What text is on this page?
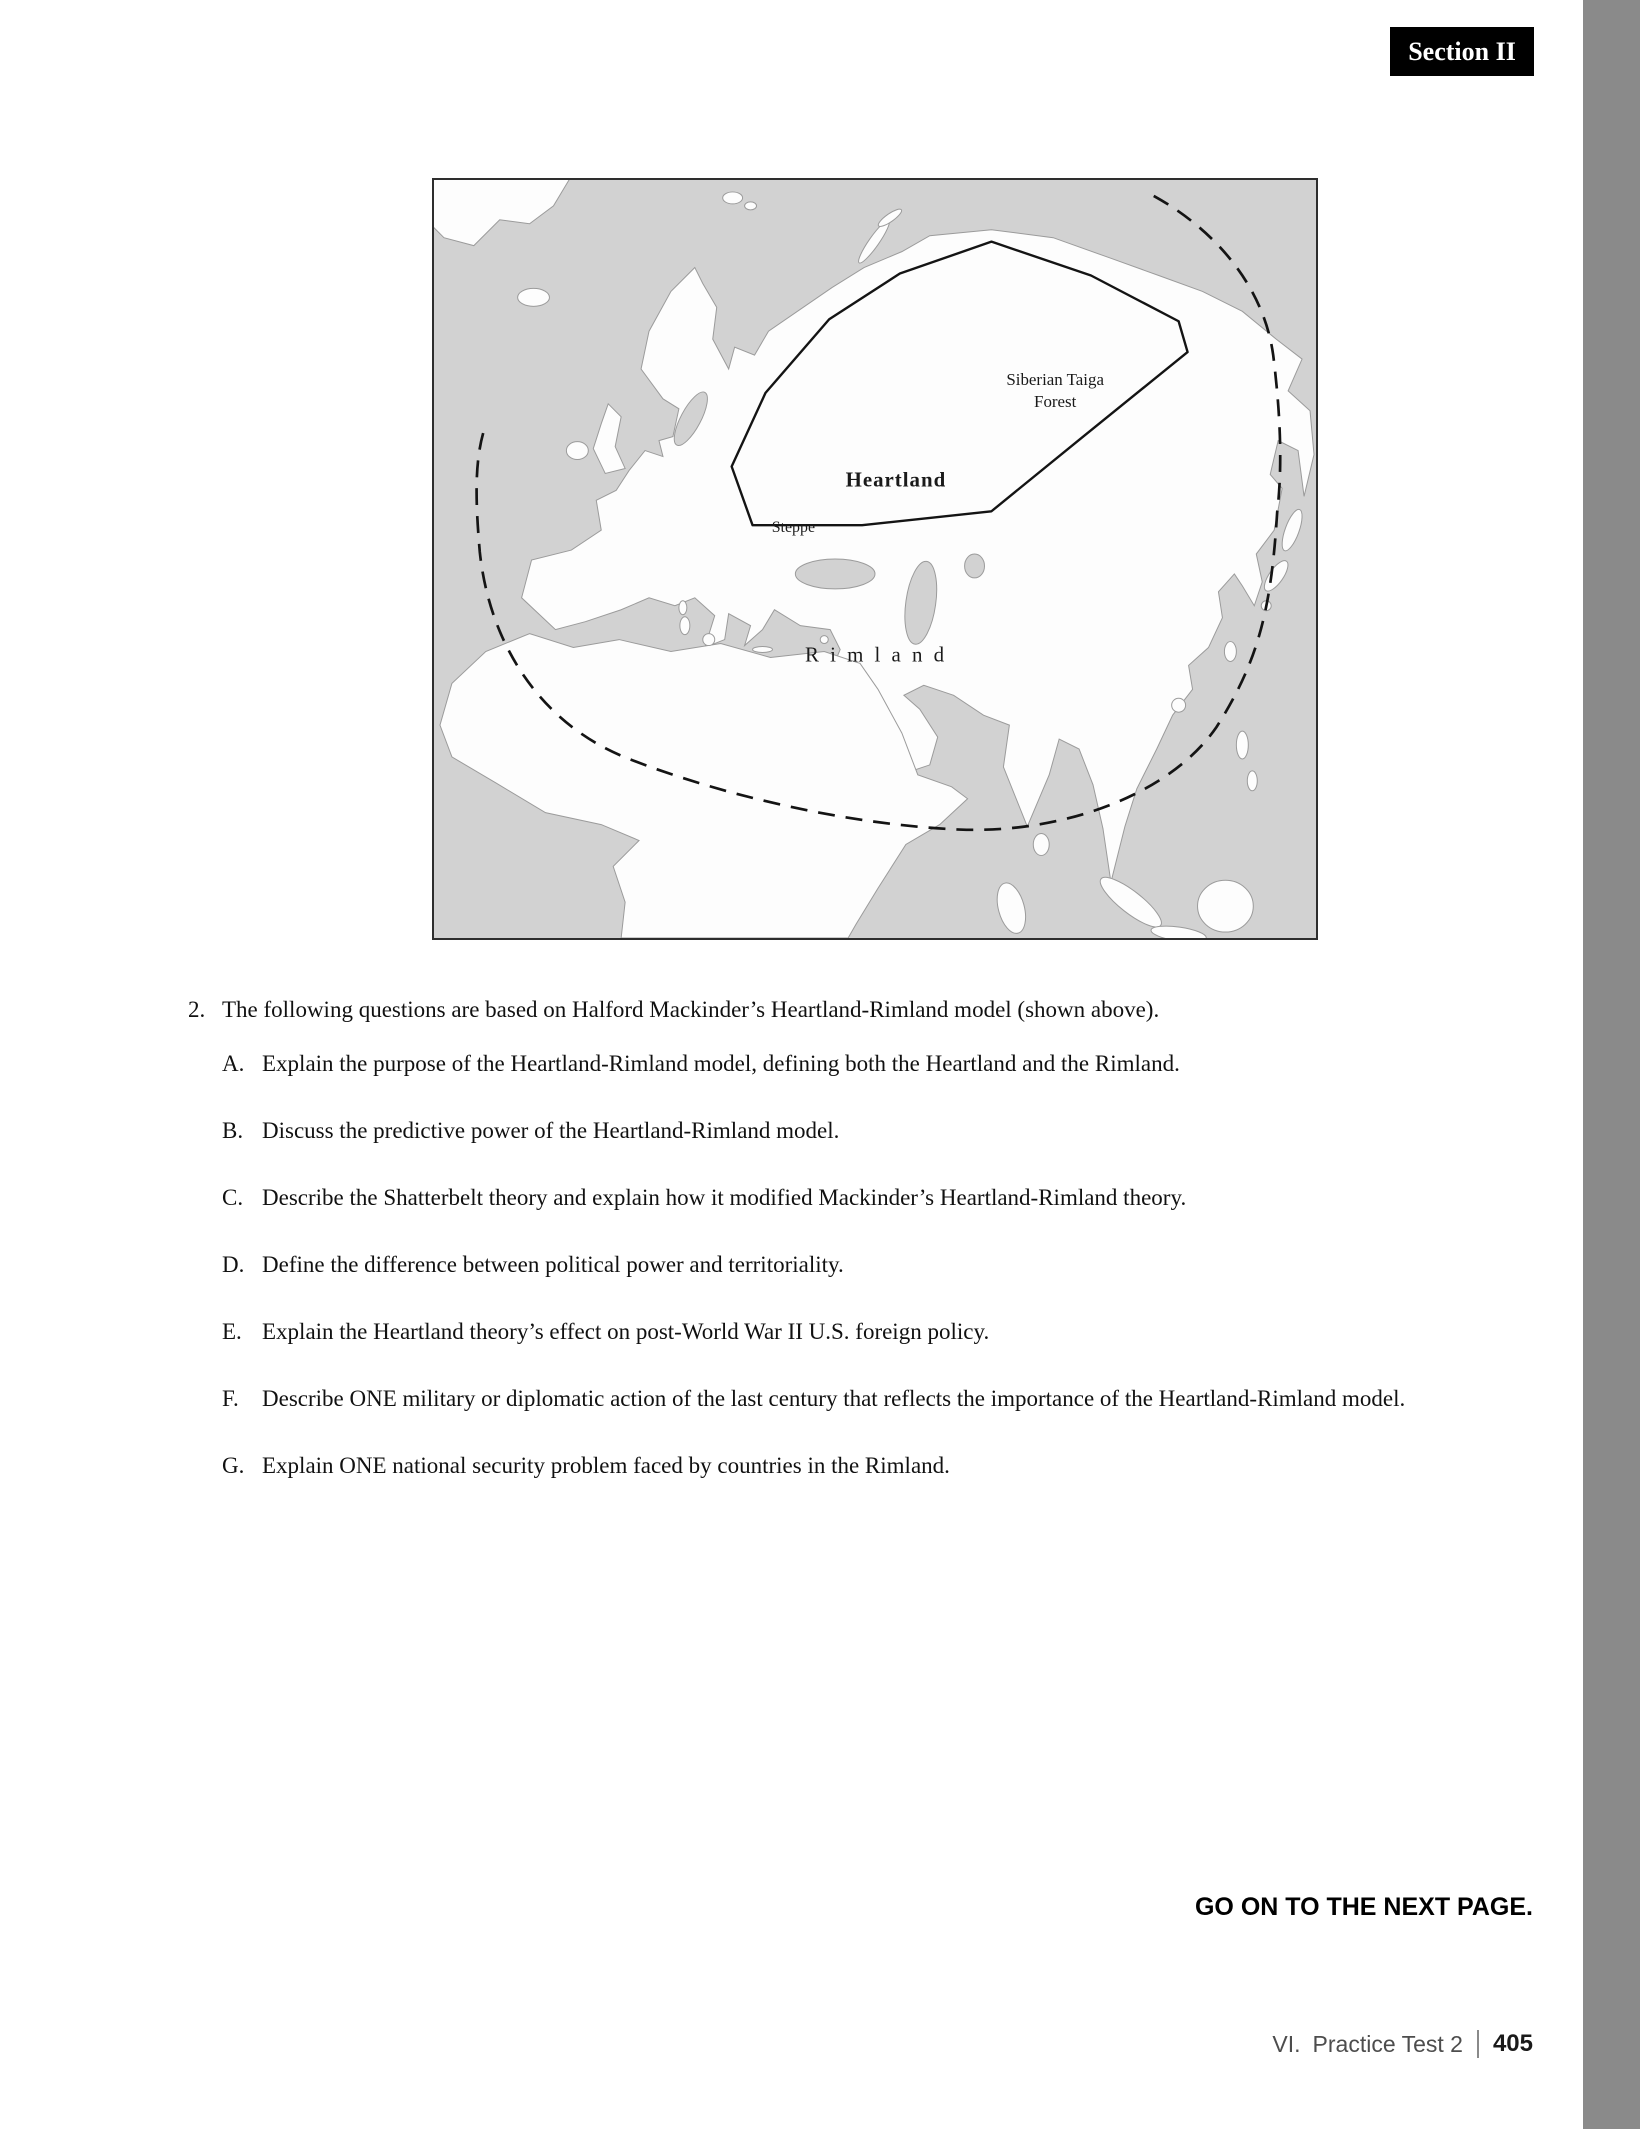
Section II
Siberian Taiga
Forest
Heartland
Steppe
R i m l a n d
2. The following questions are based on Halford Mackinder’s Heartland-Rimland model (shown above).
A. Explain the purpose of the Heartland-Rimland model, defining both the Heartland and the Rimland.
B. Discuss the predictive power of the Heartland-Rimland model.
C. Describe the Shatterbelt theory and explain how it modified Mackinder’s Heartland-Rimland theory.
D. Define the difference between political power and territoriality.
E. Explain the Heartland theory’s effect on post-World War II U.S. foreign policy.
F.	Describe ONE military or diplomatic action of the last century that reflects the importance of the Heartland-Rimland model.
G. Explain ONE national security problem faced by countries in the Rimland.
GO ON TO THE NEXT PAGE.
VI. Practice Test 2 405
